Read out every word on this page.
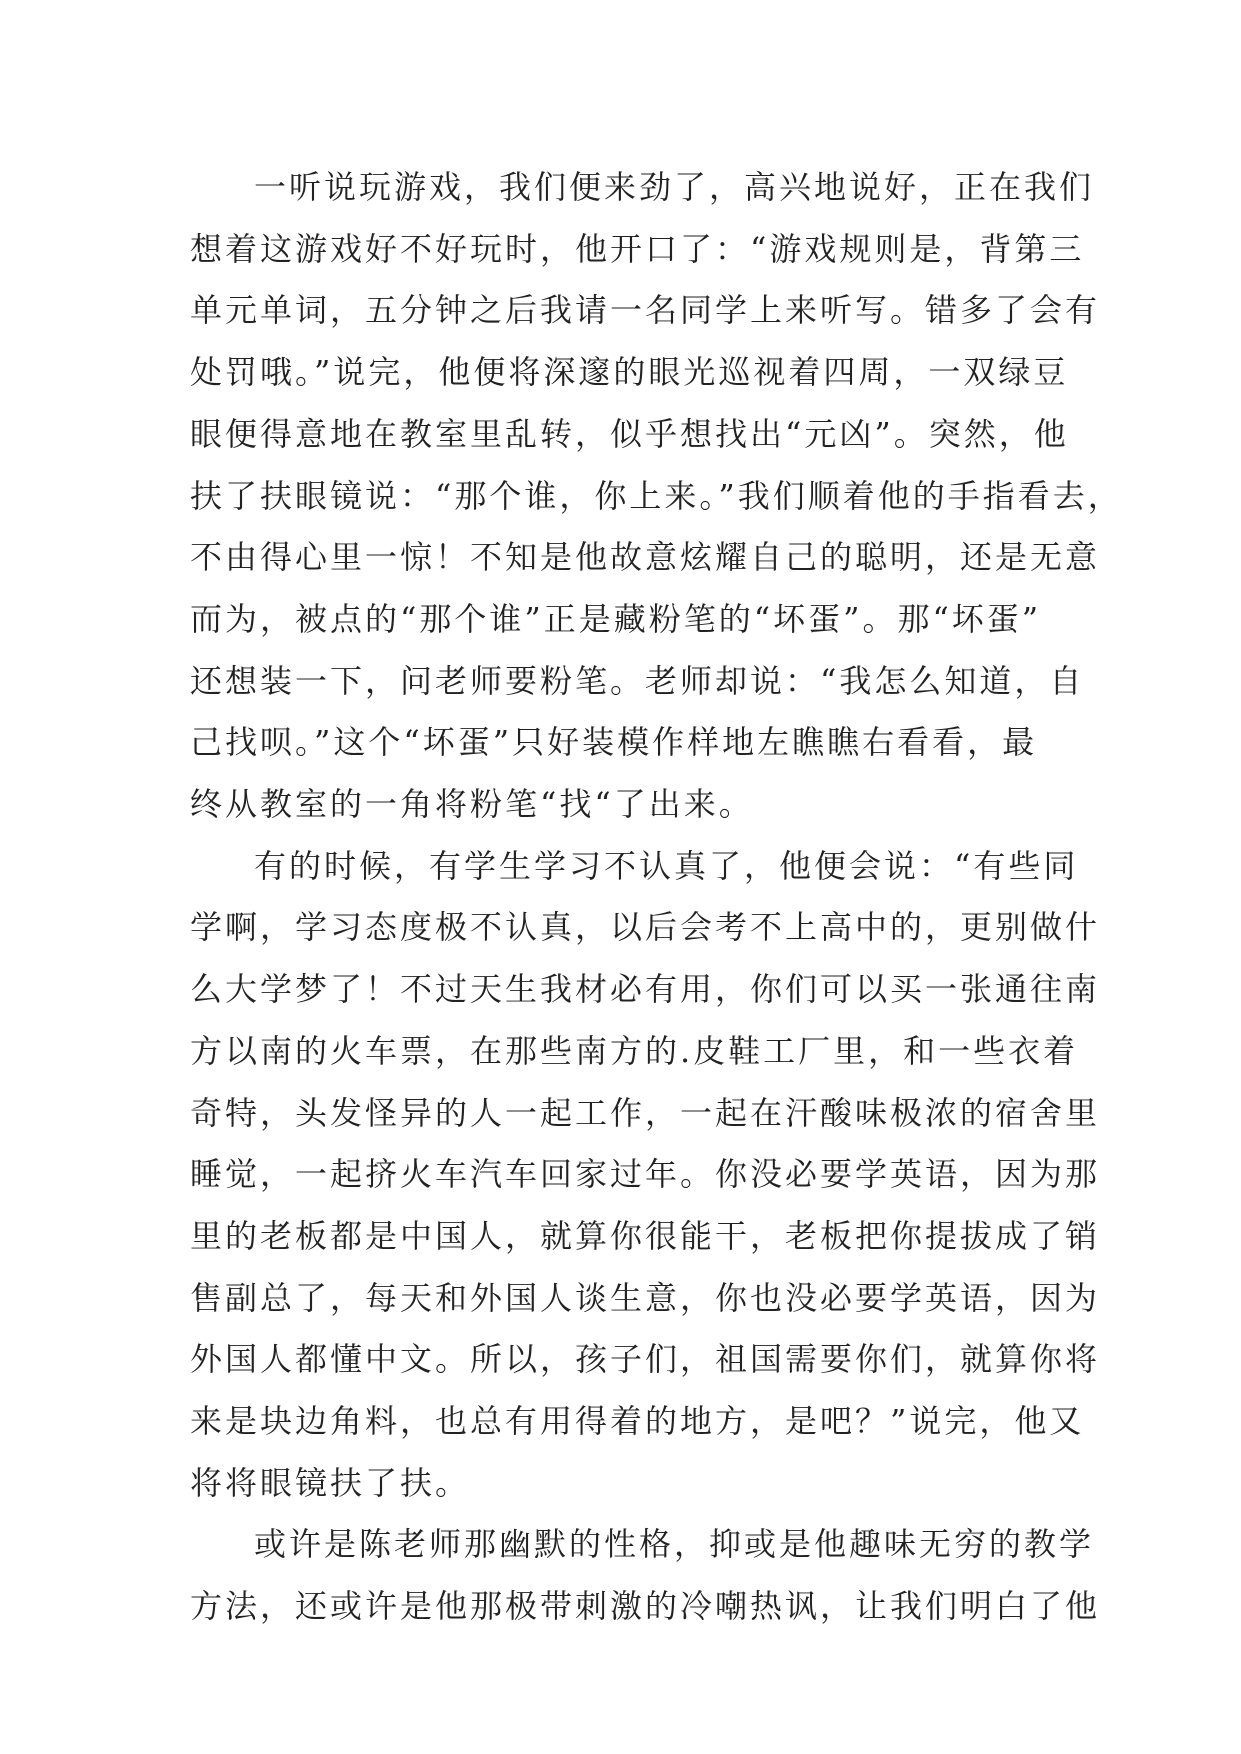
一听说玩游戏，我们便来劲了，高兴地说好，正在我们
想着这游戏好不好玩时，他开口了：“游戏规则是，背第三
单元单词，五分钟之后我请一名同学上来听写。错多了会有
处罚哦。”说完，他便将深邃的眼光巡视着四周，一双绿豆
眼便得意地在教室里乱转，似乎想找出“元凶”。突然，他
扶了扶眼镜说：“那个谁，你上来。”我们顺着他的手指看去，
不由得心里一惊！不知是他故意炫耀自己的聪明，还是无意
而为，被点的“那个谁”正是藏粉笔的“坏蛋”。那“坏蛋”
还想装一下，问老师要粉笔。老师却说：“我怎么知道，自
己找呗。”这个“坏蛋”只好装模作样地左瞧瞧右看看，最
终从教室的一角将粉笔“找“了出来。

有的时候，有学生学习不认真了，他便会说：“有些同
学啊，学习态度极不认真，以后会考不上高中的，更别做什
么大学梦了！不过天生我材必有用，你们可以买一张通往南
方以南的火车票，在那些南方的.皮鞋工厂里，和一些衣着
奇特，头发怪异的人一起工作，一起在汗酸味极浓的宿舍里
睡觉，一起挤火车汽车回家过年。你没必要学英语，因为那
里的老板都是中国人，就算你很能干，老板把你提拔成了销
售副总了，每天和外国人谈生意，你也没必要学英语，因为
外国人都懂中文。所以，孩子们，祖国需要你们，就算你将
来是块边角料，也总有用得着的地方，是吧？”说完，他又
将将眼镜扶了扶。

或许是陈老师那幽默的性格，抑或是他趣味无穷的教学
方法，还或许是他那极带刺激的冷嘲热讽，让我们明白了他
